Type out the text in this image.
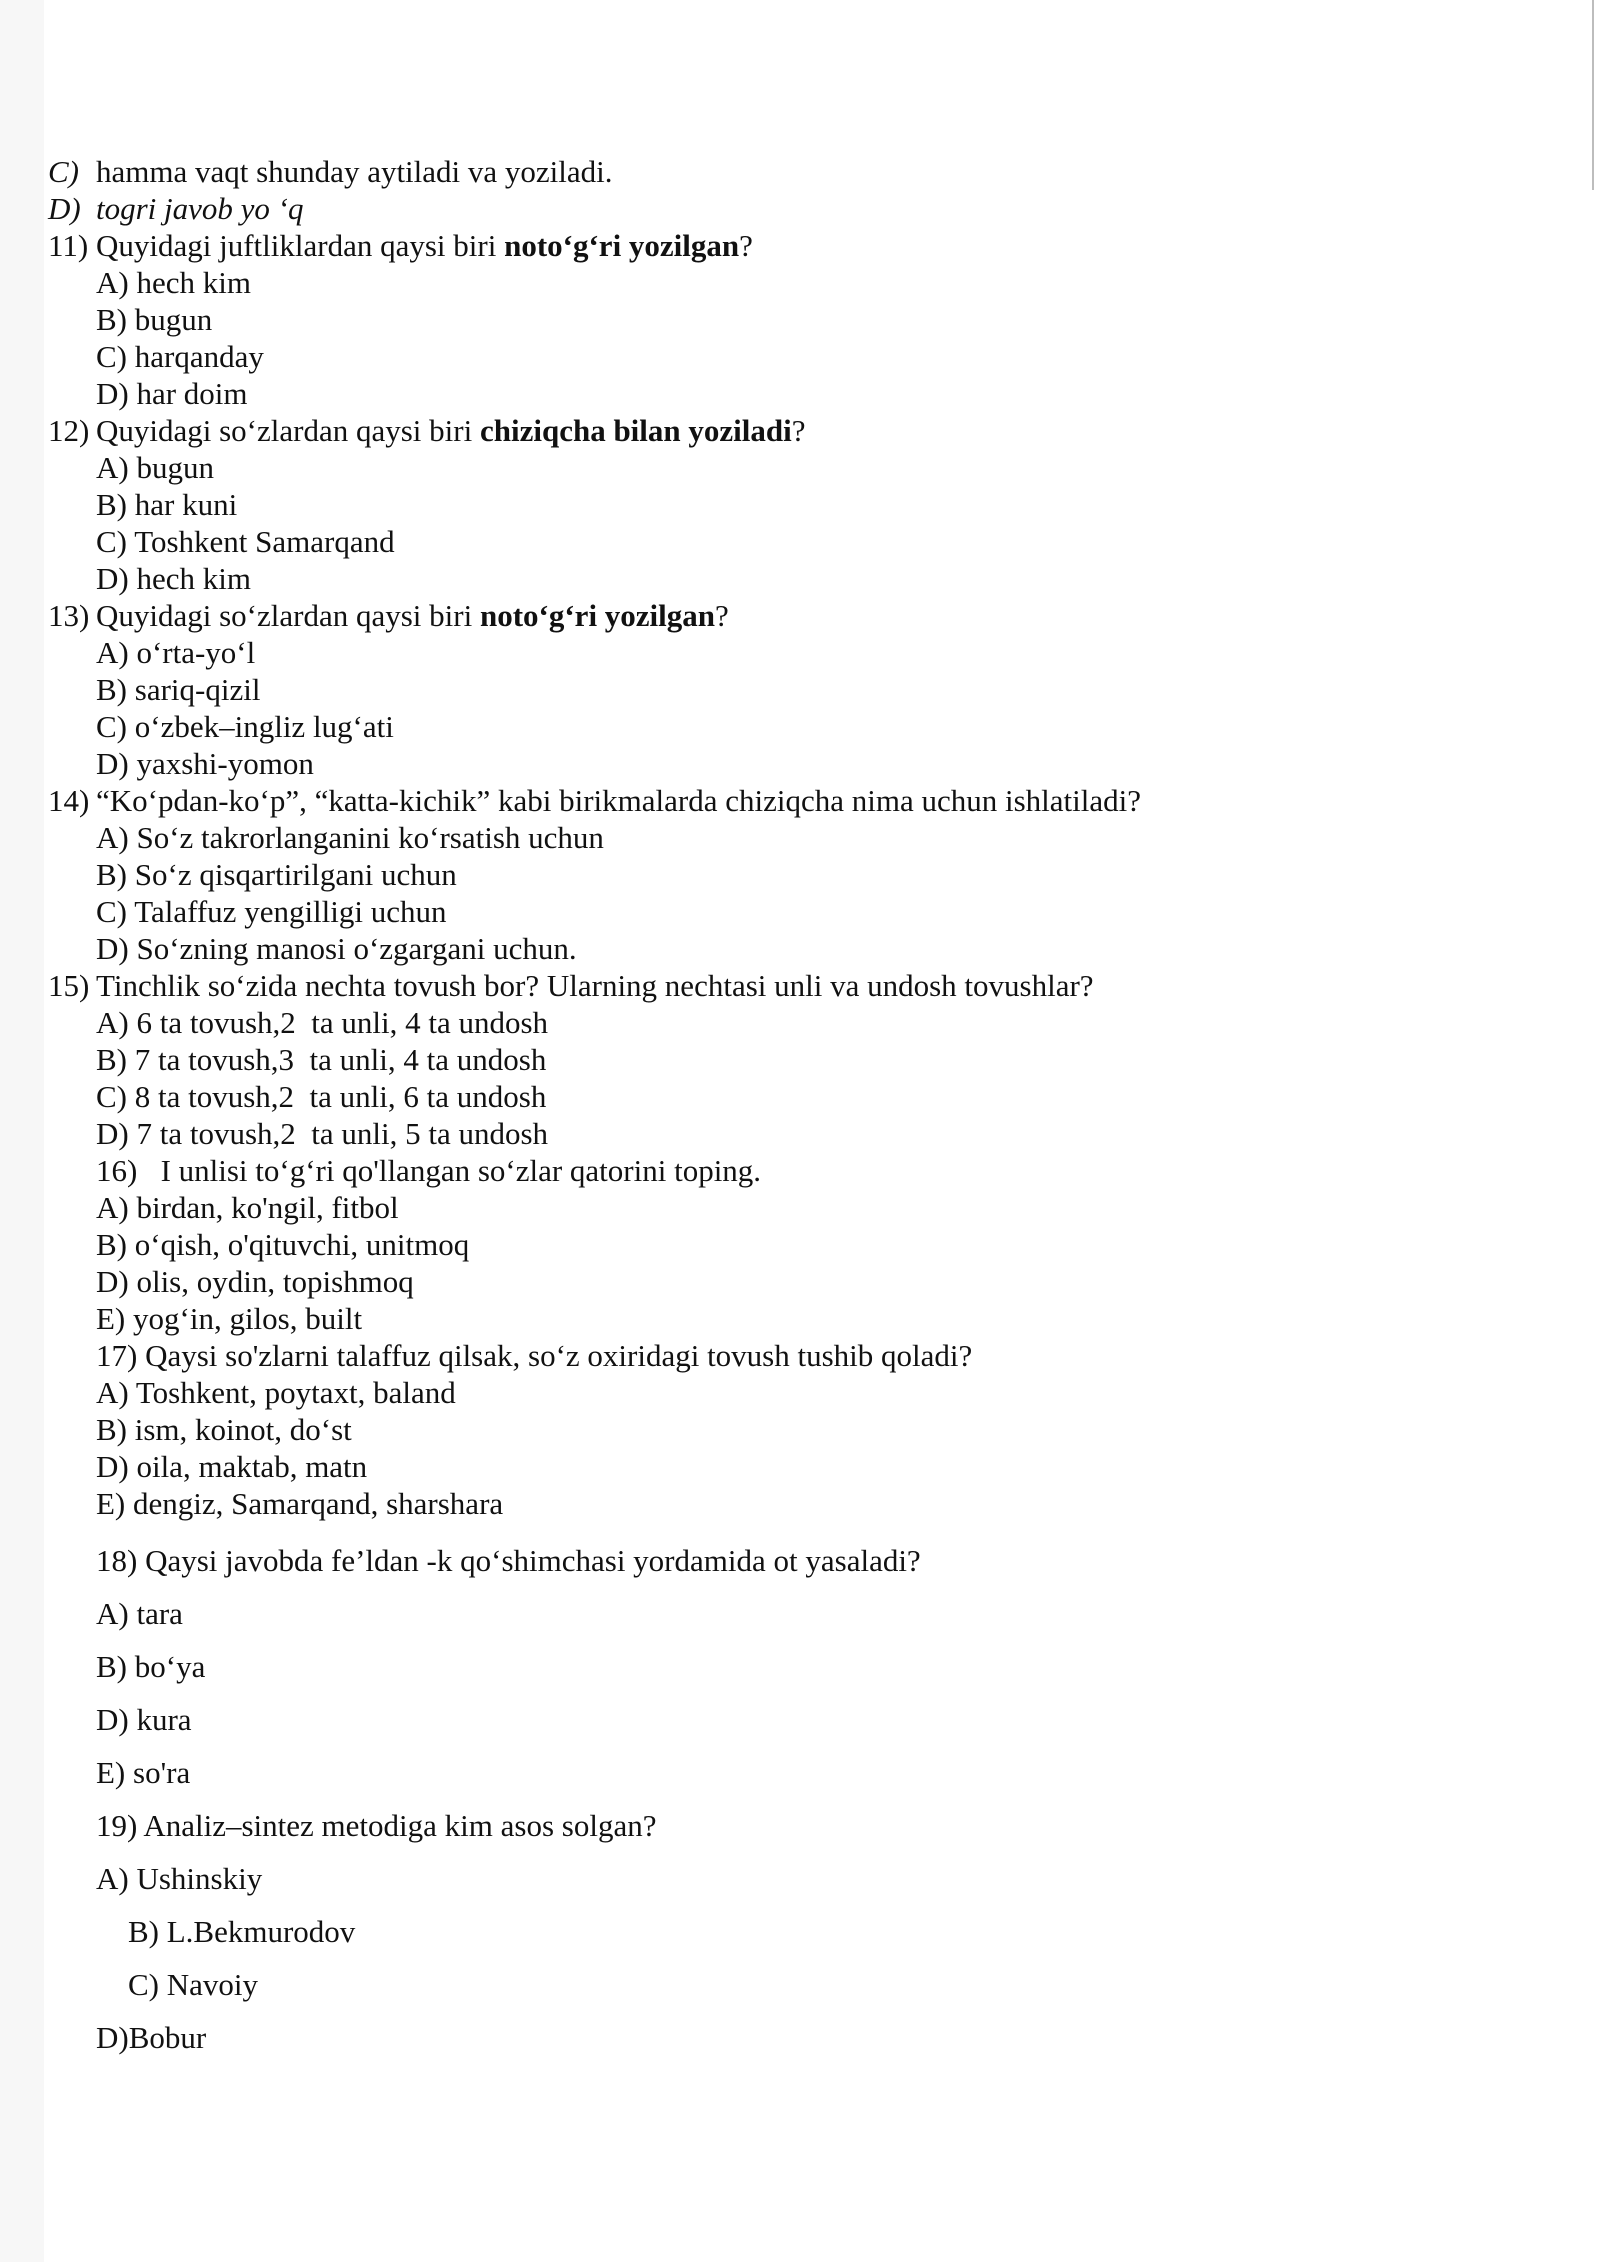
C) hamma vaqt shunday aytiladi va yoziladi.
D) togri javob yo ‘q
11) Quyidagi juftliklardan qaysi biri noto‘g‘ri yozilgan?
A) hech kim
B) bugun
C) harqanday
D) har doim
12) Quyidagi so‘zlardan qaysi biri chiziqcha bilan yoziladi?
A) bugun
B) har kuni
C) Toshkent Samarqand
D) hech kim
13) Quyidagi so‘zlardan qaysi biri noto‘g‘ri yozilgan?
A) o‘rta-yo‘l
B) sariq-qizil
C) o‘zbek–ingliz lug‘ati
D) yaxshi-yomon
14) “Ko‘pdan-ko‘p”, “katta-kichik” kabi birikmalarda chiziqcha nima uchun ishlatiladi?
A) So‘z takrorlanganini ko‘rsatish uchun
B) So‘z qisqartirilgani uchun
C) Talaffuz yengilligi uchun
D) So‘zning manosi o‘zgargani uchun.
15) Tinchlik so‘zida nechta tovush bor? Ularning nechtasi unli va undosh tovushlar?
A) 6 ta tovush,2  ta unli, 4 ta undosh
B) 7 ta tovush,3  ta unli, 4 ta undosh
C) 8 ta tovush,2  ta unli, 6 ta undosh
D) 7 ta tovush,2  ta unli, 5 ta undosh
16)   I unlisi to‘g‘ri qo'llangan so‘zlar qatorini toping.
A) birdan, ko'ngil, fitbol
B) o‘qish, o'qituvchi, unitmoq
D) olis, oydin, topishmoq
E) yog‘in, gilos, built
17) Qaysi so'zlarni talaffuz qilsak, so‘z oxiridagi tovush tushib qoladi?
A) Toshkent, poytaxt, baland
B) ism, koinot, do‘st
D) oila, maktab, matn
E) dengiz, Samarqand, sharshara
18) Qaysi javobda fe’ldan -k qo‘shimchasi yordamida ot yasaladi?
A) tara
B) bo‘ya
D) kura
E) so'ra
19) Analiz–sintez metodiga kim asos solgan?
A) Ushinskiy
B) L.Bekmurodov
C) Navoiy
D)Bobur
